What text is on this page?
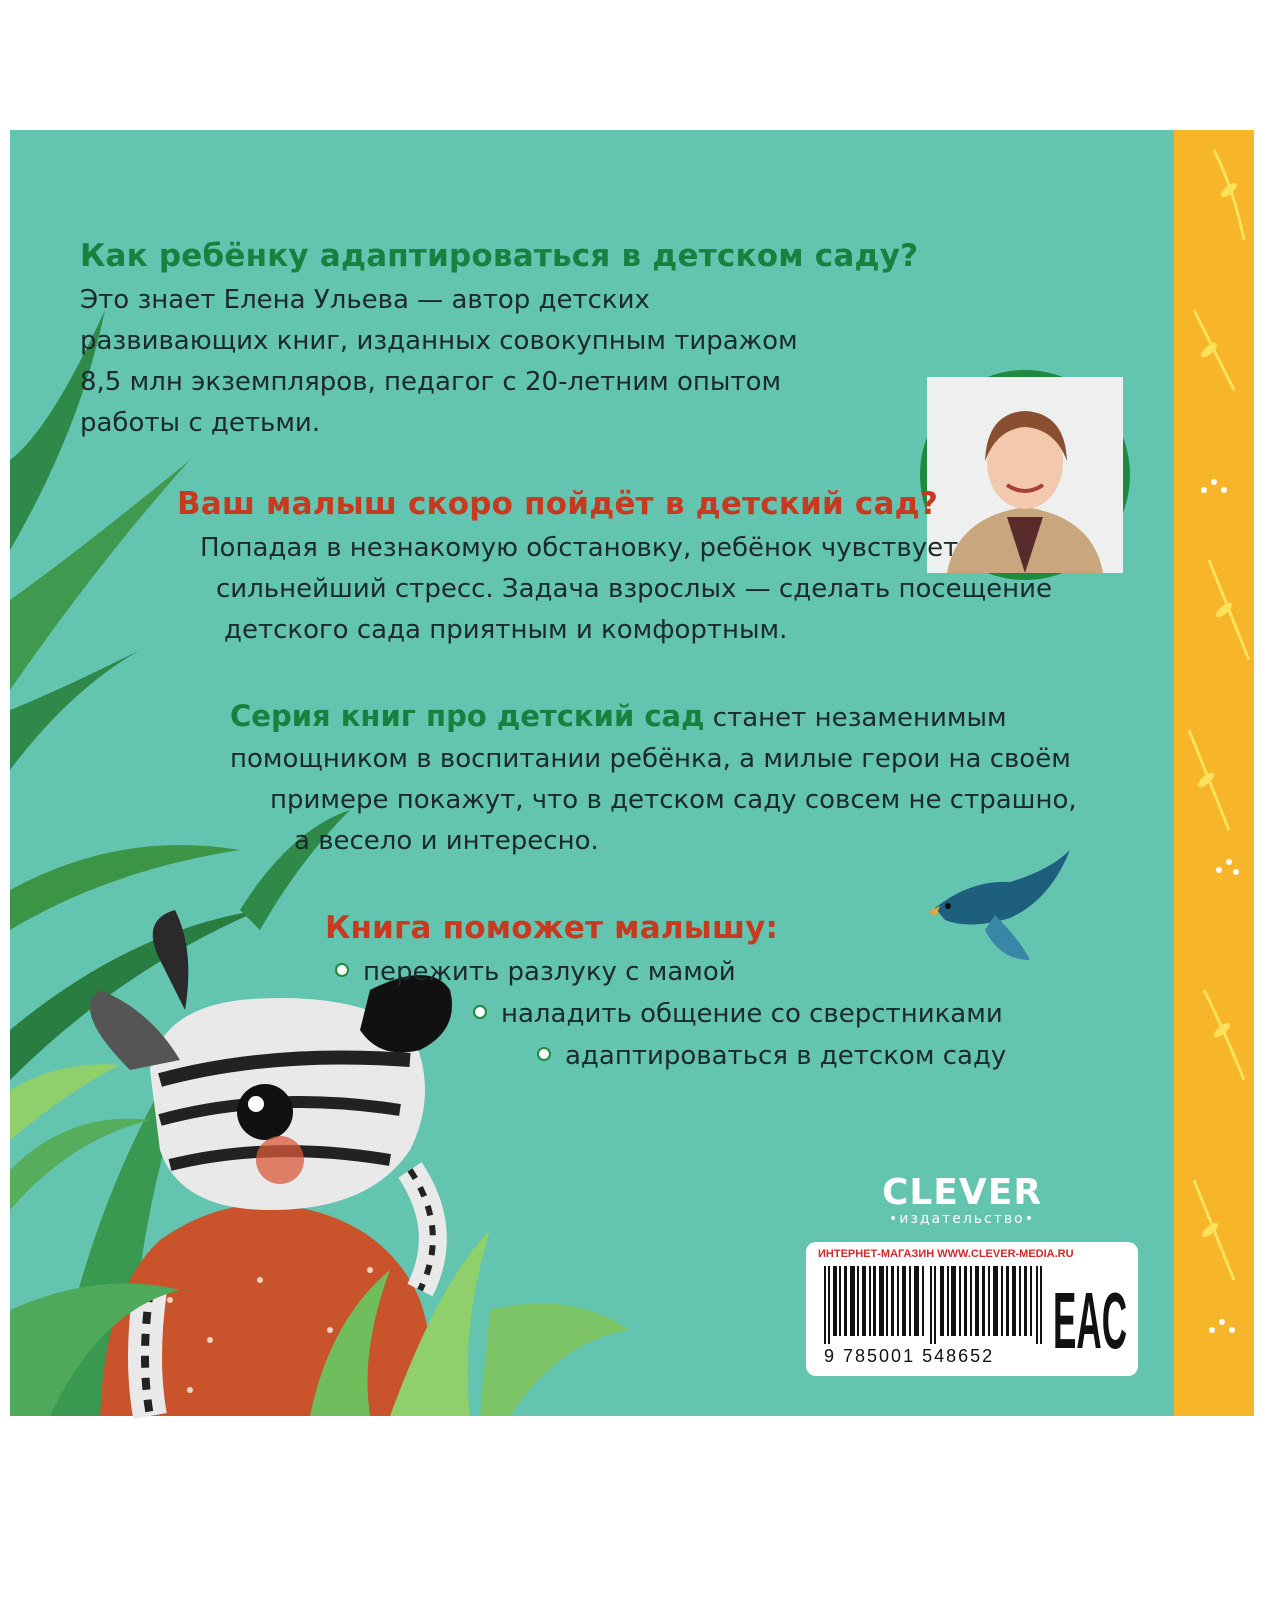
Как ребёнку адаптироваться в детском саду?
Это знает Елена Ульева — автор детских
развивающих книг, изданных совокупным тиражом
8,5 млн экземпляров, педагог с 20-летним опытом
работы с детьми.
Ваш малыш скоро пойдёт в детский сад?
Попадая в незнакомую обстановку, ребёнок чувствует
сильнейший стресс. Задача взрослых — сделать посещение
детского сада приятным и комфортным.
Серия книг про детский сад станет незаменимым
помощником в воспитании ребёнка, а милые герои на своём
примере покажут, что в детском саду совсем не страшно,
а весело и интересно.
Книга поможет малышу:
пережить разлуку с мамой
наладить общение со сверстниками
адаптироваться в детском саду
CLEVER
•издательство•
ИНТЕРНЕТ-МАГАЗИН WWW.CLEVER-MEDIA.RU
9 785001 548652 EAC
